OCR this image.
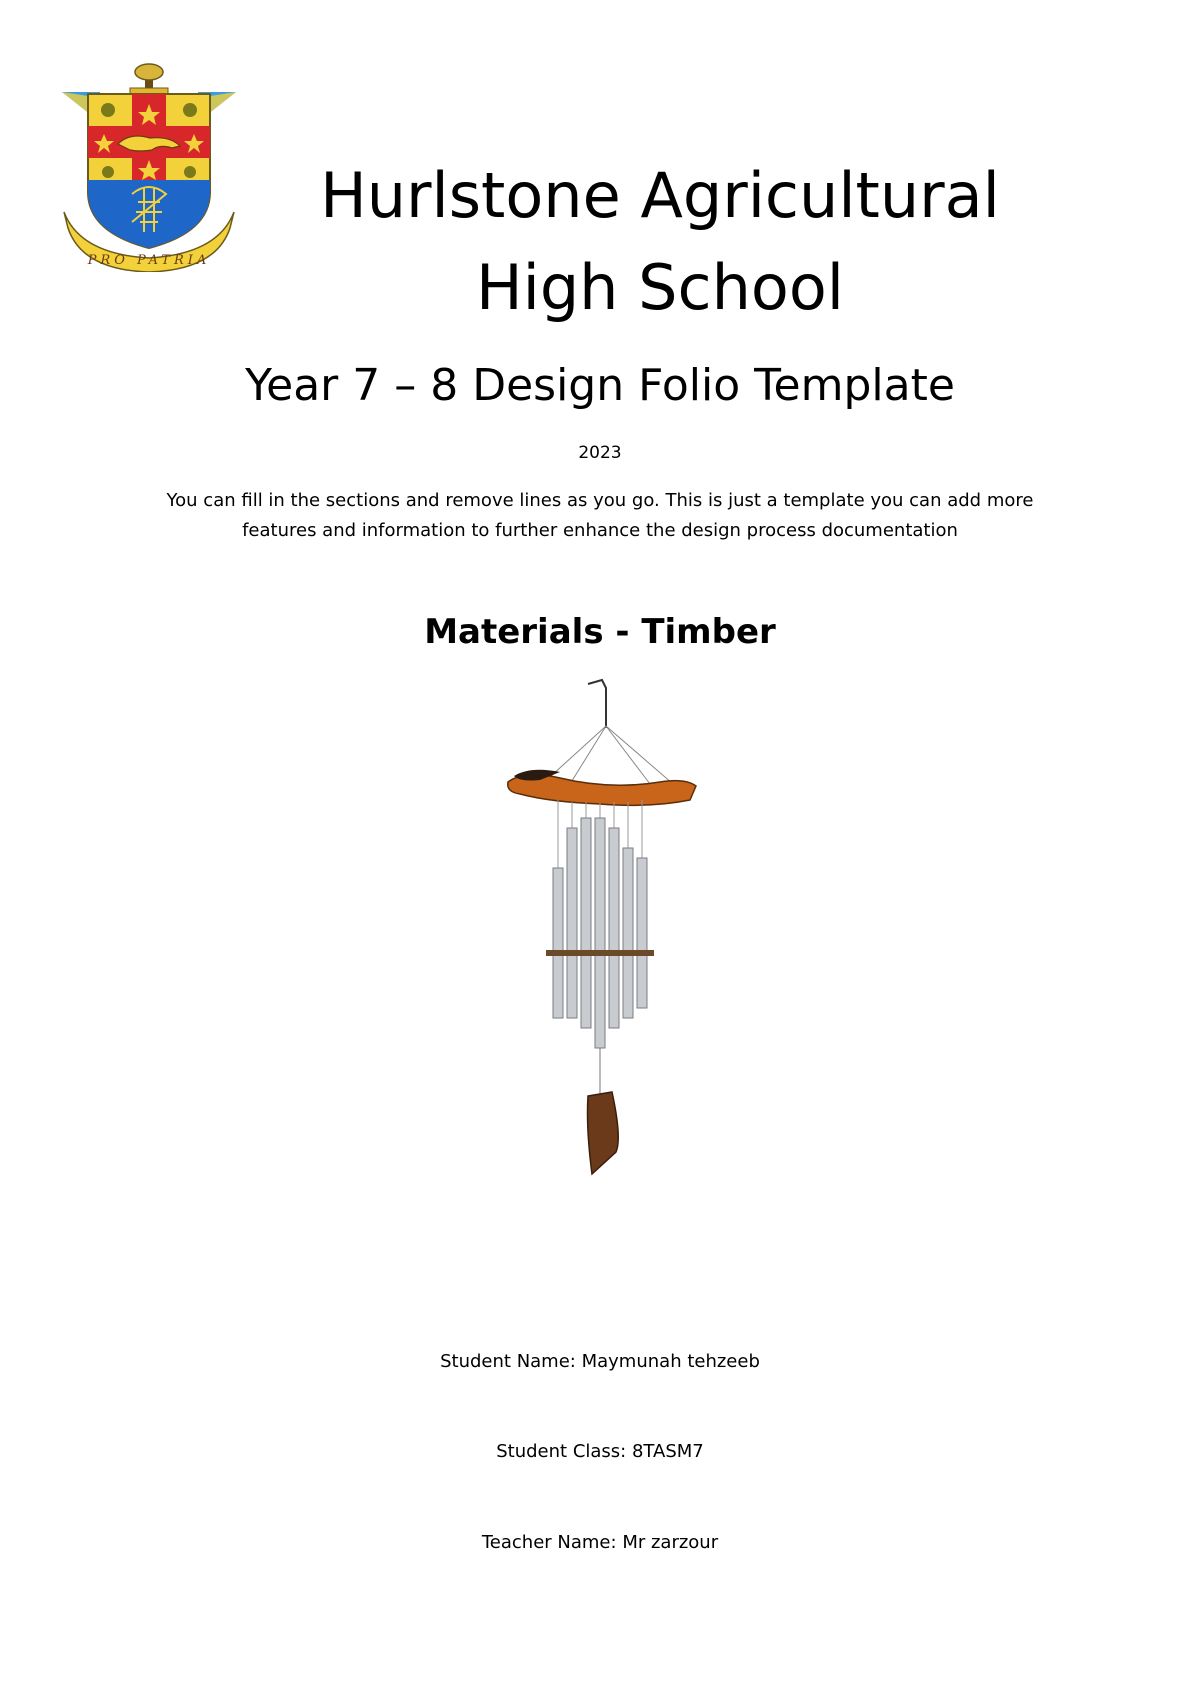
PRO PATRIA
Hurlstone Agricultural High School
Year 7 – 8 Design Folio Template
2023
You can fill in the sections and remove lines as you go. This is just a template you can add more features and information to further enhance the design process documentation
Materials - Timber
Student Name: Maymunah tehzeeb
Student Class: 8TASM7
Teacher Name: Mr zarzour
